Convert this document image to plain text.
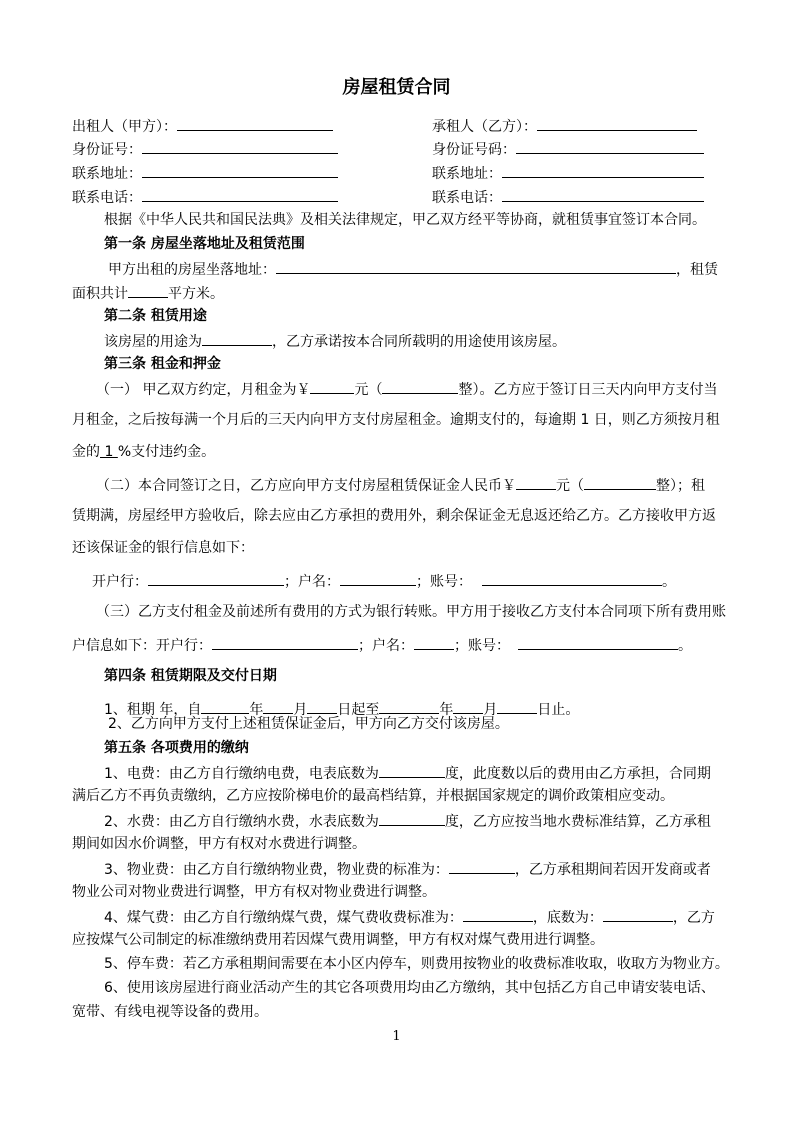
房屋租赁合同
出租人（甲方）：	承租人（乙方）：
身份证号：	身份证号码：
联系地址：	联系地址：
联系电话：	联系电话：
根据《中华人民共和国民法典》及相关法律规定，甲乙双方经平等协商，就租赁事宜签订本合同。
第一条 房屋坐落地址及租赁范围
甲方出租的房屋坐落地址：	，租赁
面积共计	平方米。
第二条 租赁用途
该房屋的用途为	，乙方承诺按本合同所载明的用途使用该房屋。
第三条 租金和押金
（一） 甲乙双方约定，月租金为￥	元（	整）。乙方应于签订日三天内向甲方支付当
月租金，之后按每满一个月后的三天内向甲方支付房屋租金。逾期支付的，每逾期 1 日，则乙方须按月租
金的 1 %支付违约金。
（二）本合同签订之日，乙方应向甲方支付房屋租赁保证金人民币￥	元（	整）；租
赁期满，房屋经甲方验收后，除去应由乙方承担的费用外，剩余保证金无息返还给乙方。乙方接收甲方返
还该保证金的银行信息如下：
开户行：	；户名：	；账号：	。
（三）乙方支付租金及前述所有费用的方式为银行转账。甲方用于接收乙方支付本合同项下所有费用账
户信息如下：开户行：	；户名：	；账号：	。
第四条 租赁期限及交付日期
1、租期 年，自	年 月 日起至	年 月	日止。
2、乙方向甲方支付上述租赁保证金后，甲方向乙方交付该房屋。
第五条 各项费用的缴纳
1、电费：由乙方自行缴纳电费，电表底数为	度，此度数以后的费用由乙方承担，合同期
满后乙方不再负责缴纳，乙方应按阶梯电价的最高档结算，并根据国家规定的调价政策相应变动。
2、水费：由乙方自行缴纳水费，水表底数为	度，乙方应按当地水费标准结算，乙方承租
期间如因水价调整，甲方有权对水费进行调整。
3、物业费：由乙方自行缴纳物业费，物业费的标准为：	，乙方承租期间若因开发商或者
物业公司对物业费进行调整，甲方有权对物业费进行调整。
4、煤气费：由乙方自行缴纳煤气费，煤气费收费标准为：	，底数为：	，乙方
应按煤气公司制定的标准缴纳费用若因煤气费用调整，甲方有权对煤气费用进行调整。
5、停车费：若乙方承租期间需要在本小区内停车，则费用按物业的收费标准收取，收取方为物业方。
6、使用该房屋进行商业活动产生的其它各项费用均由乙方缴纳，其中包括乙方自己申请安装电话、
宽带、有线电视等设备的费用。
1
